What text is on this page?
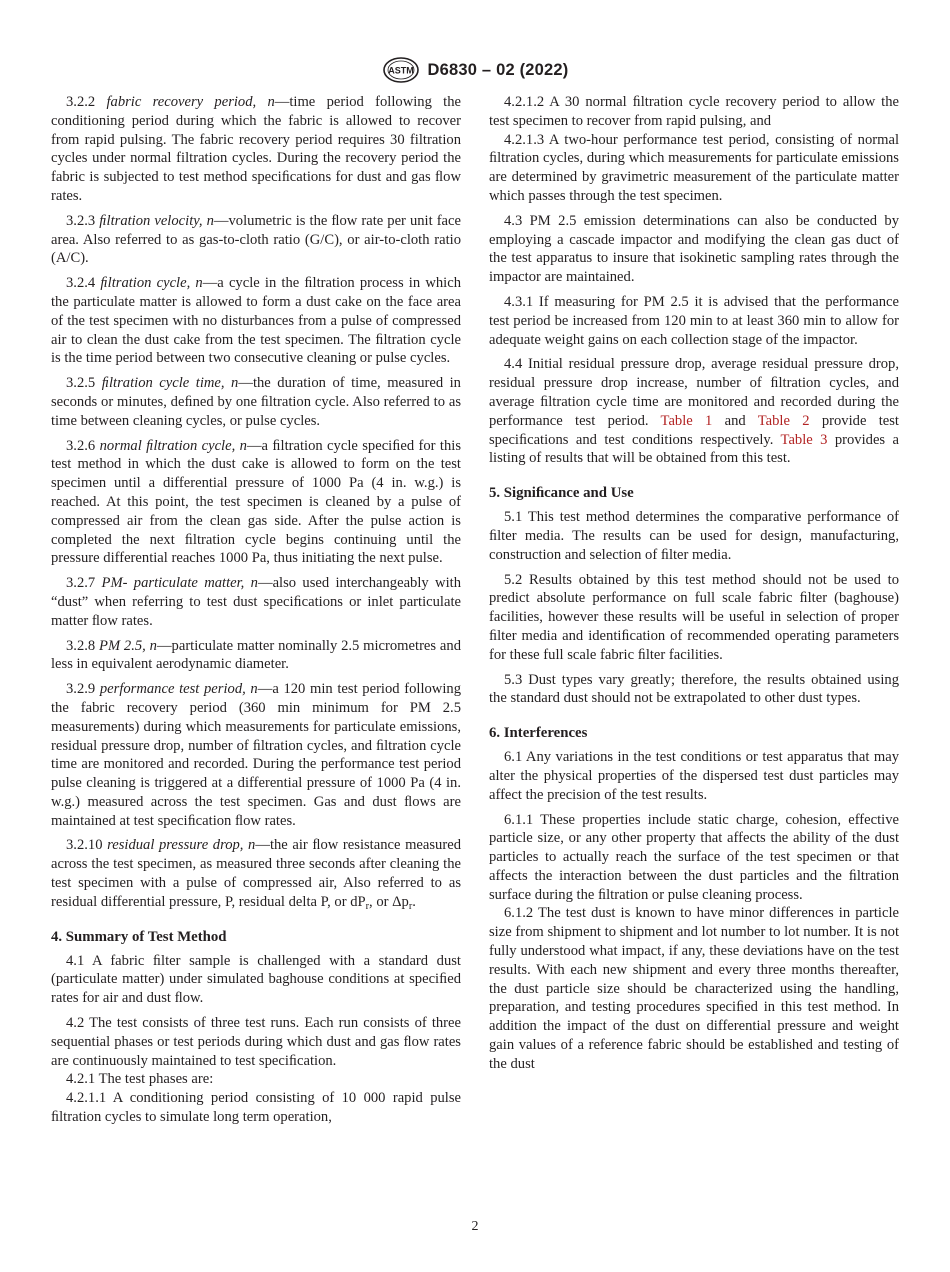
ASTM D6830 – 02 (2022)

3.2.2 fabric recovery period, n—time period following the conditioning period during which the fabric is allowed to recover from rapid pulsing. The fabric recovery period requires 30 filtration cycles under normal filtration cycles. During the recovery period the fabric is subjected to test method speciﬁcations for dust and gas ﬂow rates.

3.2.3 ﬁltration velocity, n—volumetric is the ﬂow rate per unit face area. Also referred to as gas-to-cloth ratio (G/C), or air-to-cloth ratio (A/C).

3.2.4 ﬁltration cycle, n—a cycle in the ﬁltration process in which the particulate matter is allowed to form a dust cake on the face area of the test specimen with no disturbances from a pulse of compressed air to clean the dust cake from the test specimen. The ﬁltration cycle is the time period between two consecutive cleaning or pulse cycles.

3.2.5 ﬁltration cycle time, n—the duration of time, measured in seconds or minutes, deﬁned by one ﬁltration cycle. Also referred to as time between cleaning cycles, or pulse cycles.

3.2.6 normal ﬁltration cycle, n—a ﬁltration cycle speciﬁed for this test method in which the dust cake is allowed to form on the test specimen until a differential pressure of 1000 Pa (4 in. w.g.) is reached. At this point, the test specimen is cleaned by a pulse of compressed air from the clean gas side. After the pulse action is completed the next ﬁltration cycle begins continuing until the pressure differential reaches 1000 Pa, thus initiating the next pulse.

3.2.7 PM- particulate matter, n—also used interchangeably with “dust” when referring to test dust speciﬁcations or inlet particulate matter ﬂow rates.

3.2.8 PM 2.5, n—particulate matter nominally 2.5 micrometres and less in equivalent aerodynamic diameter.

3.2.9 performance test period, n—a 120 min test period following the fabric recovery period (360 min minimum for PM 2.5 measurements) during which measurements for particulate emissions, residual pressure drop, number of ﬁltration cycles, and ﬁltration cycle time are monitored and recorded. During the performance test period pulse cleaning is triggered at a differential pressure of 1000 Pa (4 in. w.g.) measured across the test specimen. Gas and dust ﬂows are maintained at test speciﬁcation ﬂow rates.

3.2.10 residual pressure drop, n—the air ﬂow resistance measured across the test specimen, as measured three seconds after cleaning the test specimen with a pulse of compressed air, Also referred to as residual differential pressure, P, residual delta P, or $dP_r$, or $\Delta p_r$.

4. Summary of Test Method

4.1 A fabric ﬁlter sample is challenged with a standard dust (particulate matter) under simulated baghouse conditions at speciﬁed rates for air and dust ﬂow.

4.2 The test consists of three test runs. Each run consists of three sequential phases or test periods during which dust and gas ﬂow rates are continuously maintained to test speciﬁcation.

4.2.1 The test phases are:

4.2.1.1 A conditioning period consisting of 10 000 rapid pulse ﬁltration cycles to simulate long term operation,

4.2.1.2 A 30 normal ﬁltration cycle recovery period to allow the test specimen to recover from rapid pulsing, and

4.2.1.3 A two-hour performance test period, consisting of normal ﬁltration cycles, during which measurements for particulate emissions are determined by gravimetric measurement of the particulate matter which passes through the test specimen.

4.3 PM 2.5 emission determinations can also be conducted by employing a cascade impactor and modifying the clean gas duct of the test apparatus to insure that isokinetic sampling rates through the impactor are maintained.

4.3.1 If measuring for PM 2.5 it is advised that the performance test period be increased from 120 min to at least 360 min to allow for adequate weight gains on each collection stage of the impactor.

4.4 Initial residual pressure drop, average residual pressure drop, residual pressure drop increase, number of ﬁltration cycles, and average ﬁltration cycle time are monitored and recorded during the performance test period. Table 1 and Table 2 provide test speciﬁcations and test conditions respectively. Table 3 provides a listing of results that will be obtained from this test.

5. Signiﬁcance and Use

5.1 This test method determines the comparative performance of ﬁlter media. The results can be used for design, manufacturing, construction and selection of ﬁlter media.

5.2 Results obtained by this test method should not be used to predict absolute performance on full scale fabric ﬁlter (baghouse) facilities, however these results will be useful in selection of proper ﬁlter media and identiﬁcation of recommended operating parameters for these full scale fabric ﬁlter facilities.

5.3 Dust types vary greatly; therefore, the results obtained using the standard dust should not be extrapolated to other dust types.

6. Interferences

6.1 Any variations in the test conditions or test apparatus that may alter the physical properties of the dispersed test dust particles may affect the precision of the test results.

6.1.1 These properties include static charge, cohesion, effective particle size, or any other property that affects the ability of the dust particles to actually reach the surface of the test specimen or that affects the interaction between the dust particles and the ﬁltration surface during the ﬁltration or pulse cleaning process.

6.1.2 The test dust is known to have minor differences in particle size from shipment to shipment and lot number to lot number. It is not fully understood what impact, if any, these deviations have on the test results. With each new shipment and every three months thereafter, the dust particle size should be characterized using the handling, preparation, and testing procedures speciﬁed in this test method. In addition the impact of the dust on differential pressure and weight gain values of a reference fabric should be established and testing of the dust

2
